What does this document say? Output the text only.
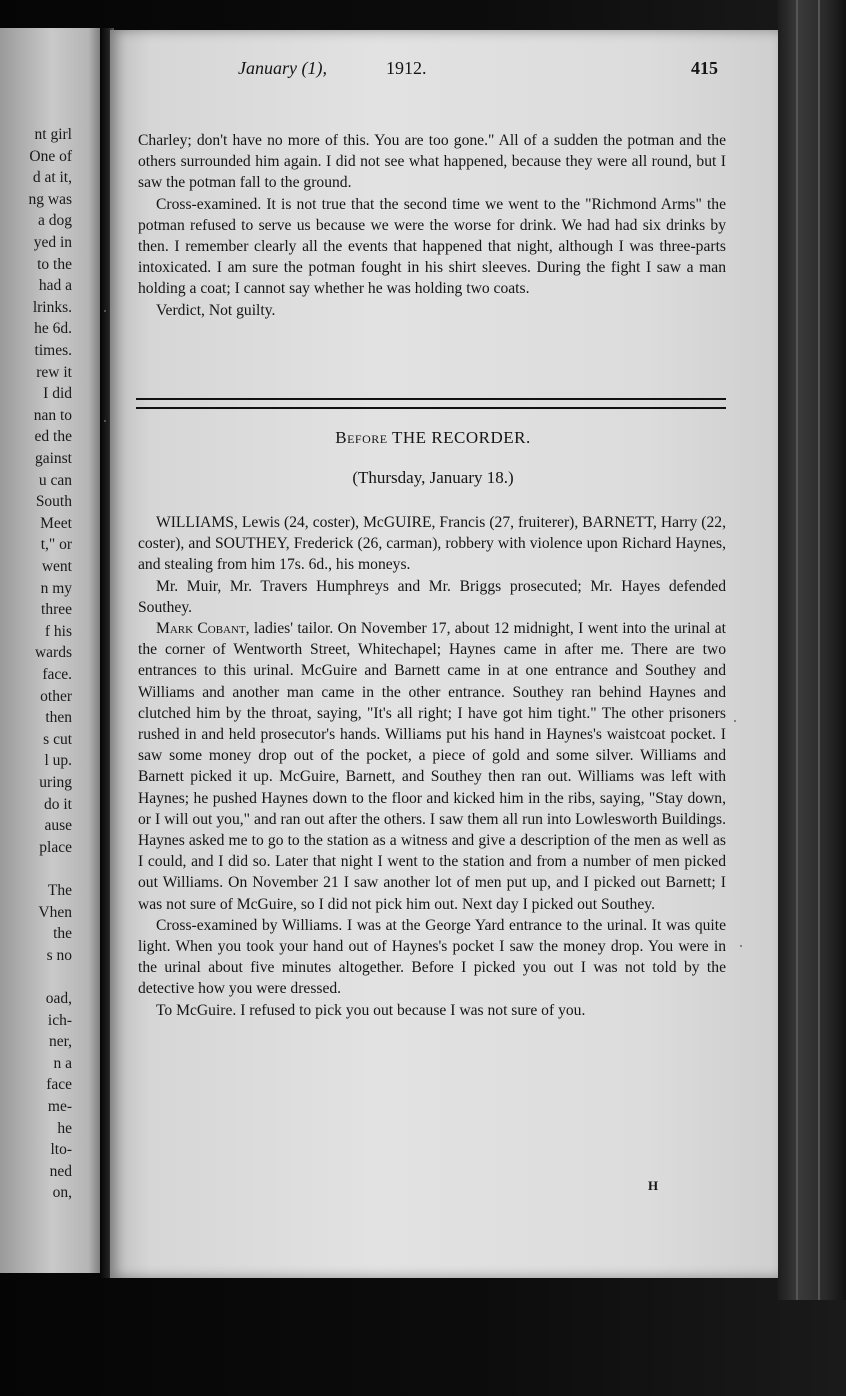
nt girl
One of
d at it,
ng was
a dog
yed in
to the
had a
lrinks.
he 6d.
times.
rew it
I did
nan to
ed the
gainst
u can
South
Meet
t," or
went
n my
three
f his
wards
face.
other
then
s cut
l up.
uring
do it
ause
place
The
Vhen
the
s no
oad,
ich-
ner,
n a
face
me-
he
lto-
ned
on,
January (1),	1912.	415

Charley; don't have no more of this. You are too gone." All of a sudden the potman and the others surrounded him again. I did not see what happened, because they were all round, but I saw the potman fall to the ground.

Cross-examined. It is not true that the second time we went to the "Richmond Arms" the potman refused to serve us because we were the worse for drink. We had had six drinks by then. I remember clearly all the events that happened that night, although I was three-parts intoxicated. I am sure the potman fought in his shirt sleeves. During the fight I saw a man holding a coat; I cannot say whether he was holding two coats.

Verdict, Not guilty.

Before THE RECORDER.
(Thursday, January 18.)

WILLIAMS, Lewis (24, coster), McGUIRE, Francis (27, fruiterer), BARNETT, Harry (22, coster), and SOUTHEY, Frederick (26, carman), robbery with violence upon Richard Haynes, and stealing from him 17s. 6d., his moneys.

Mr. Muir, Mr. Travers Humphreys and Mr. Briggs prosecuted; Mr. Hayes defended Southey.

Mark Cobant, ladies' tailor. On November 17, about 12 midnight, I went into the urinal at the corner of Wentworth Street, Whitechapel; Haynes came in after me. There are two entrances to this urinal. McGuire and Barnett came in at one entrance and Southey and Williams and another man came in the other entrance. Southey ran behind Haynes and clutched him by the throat, saying, "It's all right; I have got him tight." The other prisoners rushed in and held prosecutor's hands. Williams put his hand in Haynes's waistcoat pocket. I saw some money drop out of the pocket, a piece of gold and some silver. Williams and Barnett picked it up. McGuire, Barnett, and Southey then ran out. Williams was left with Haynes; he pushed Haynes down to the floor and kicked him in the ribs, saying, "Stay down, or I will out you," and ran out after the others. I saw them all run into Lowlesworth Buildings. Haynes asked me to go to the station as a witness and give a description of the men as well as I could, and I did so. Later that night I went to the station and from a number of men picked out Williams. On November 21 I saw another lot of men put up, and I picked out Barnett; I was not sure of McGuire, so I did not pick him out. Next day I picked out Southey.

Cross-examined by Williams. I was at the George Yard entrance to the urinal. It was quite light. When you took your hand out of Haynes's pocket I saw the money drop. You were in the urinal about five minutes altogether. Before I picked you out I was not told by the detective how you were dressed.

To McGuire. I refused to pick you out because I was not sure of you.

H
